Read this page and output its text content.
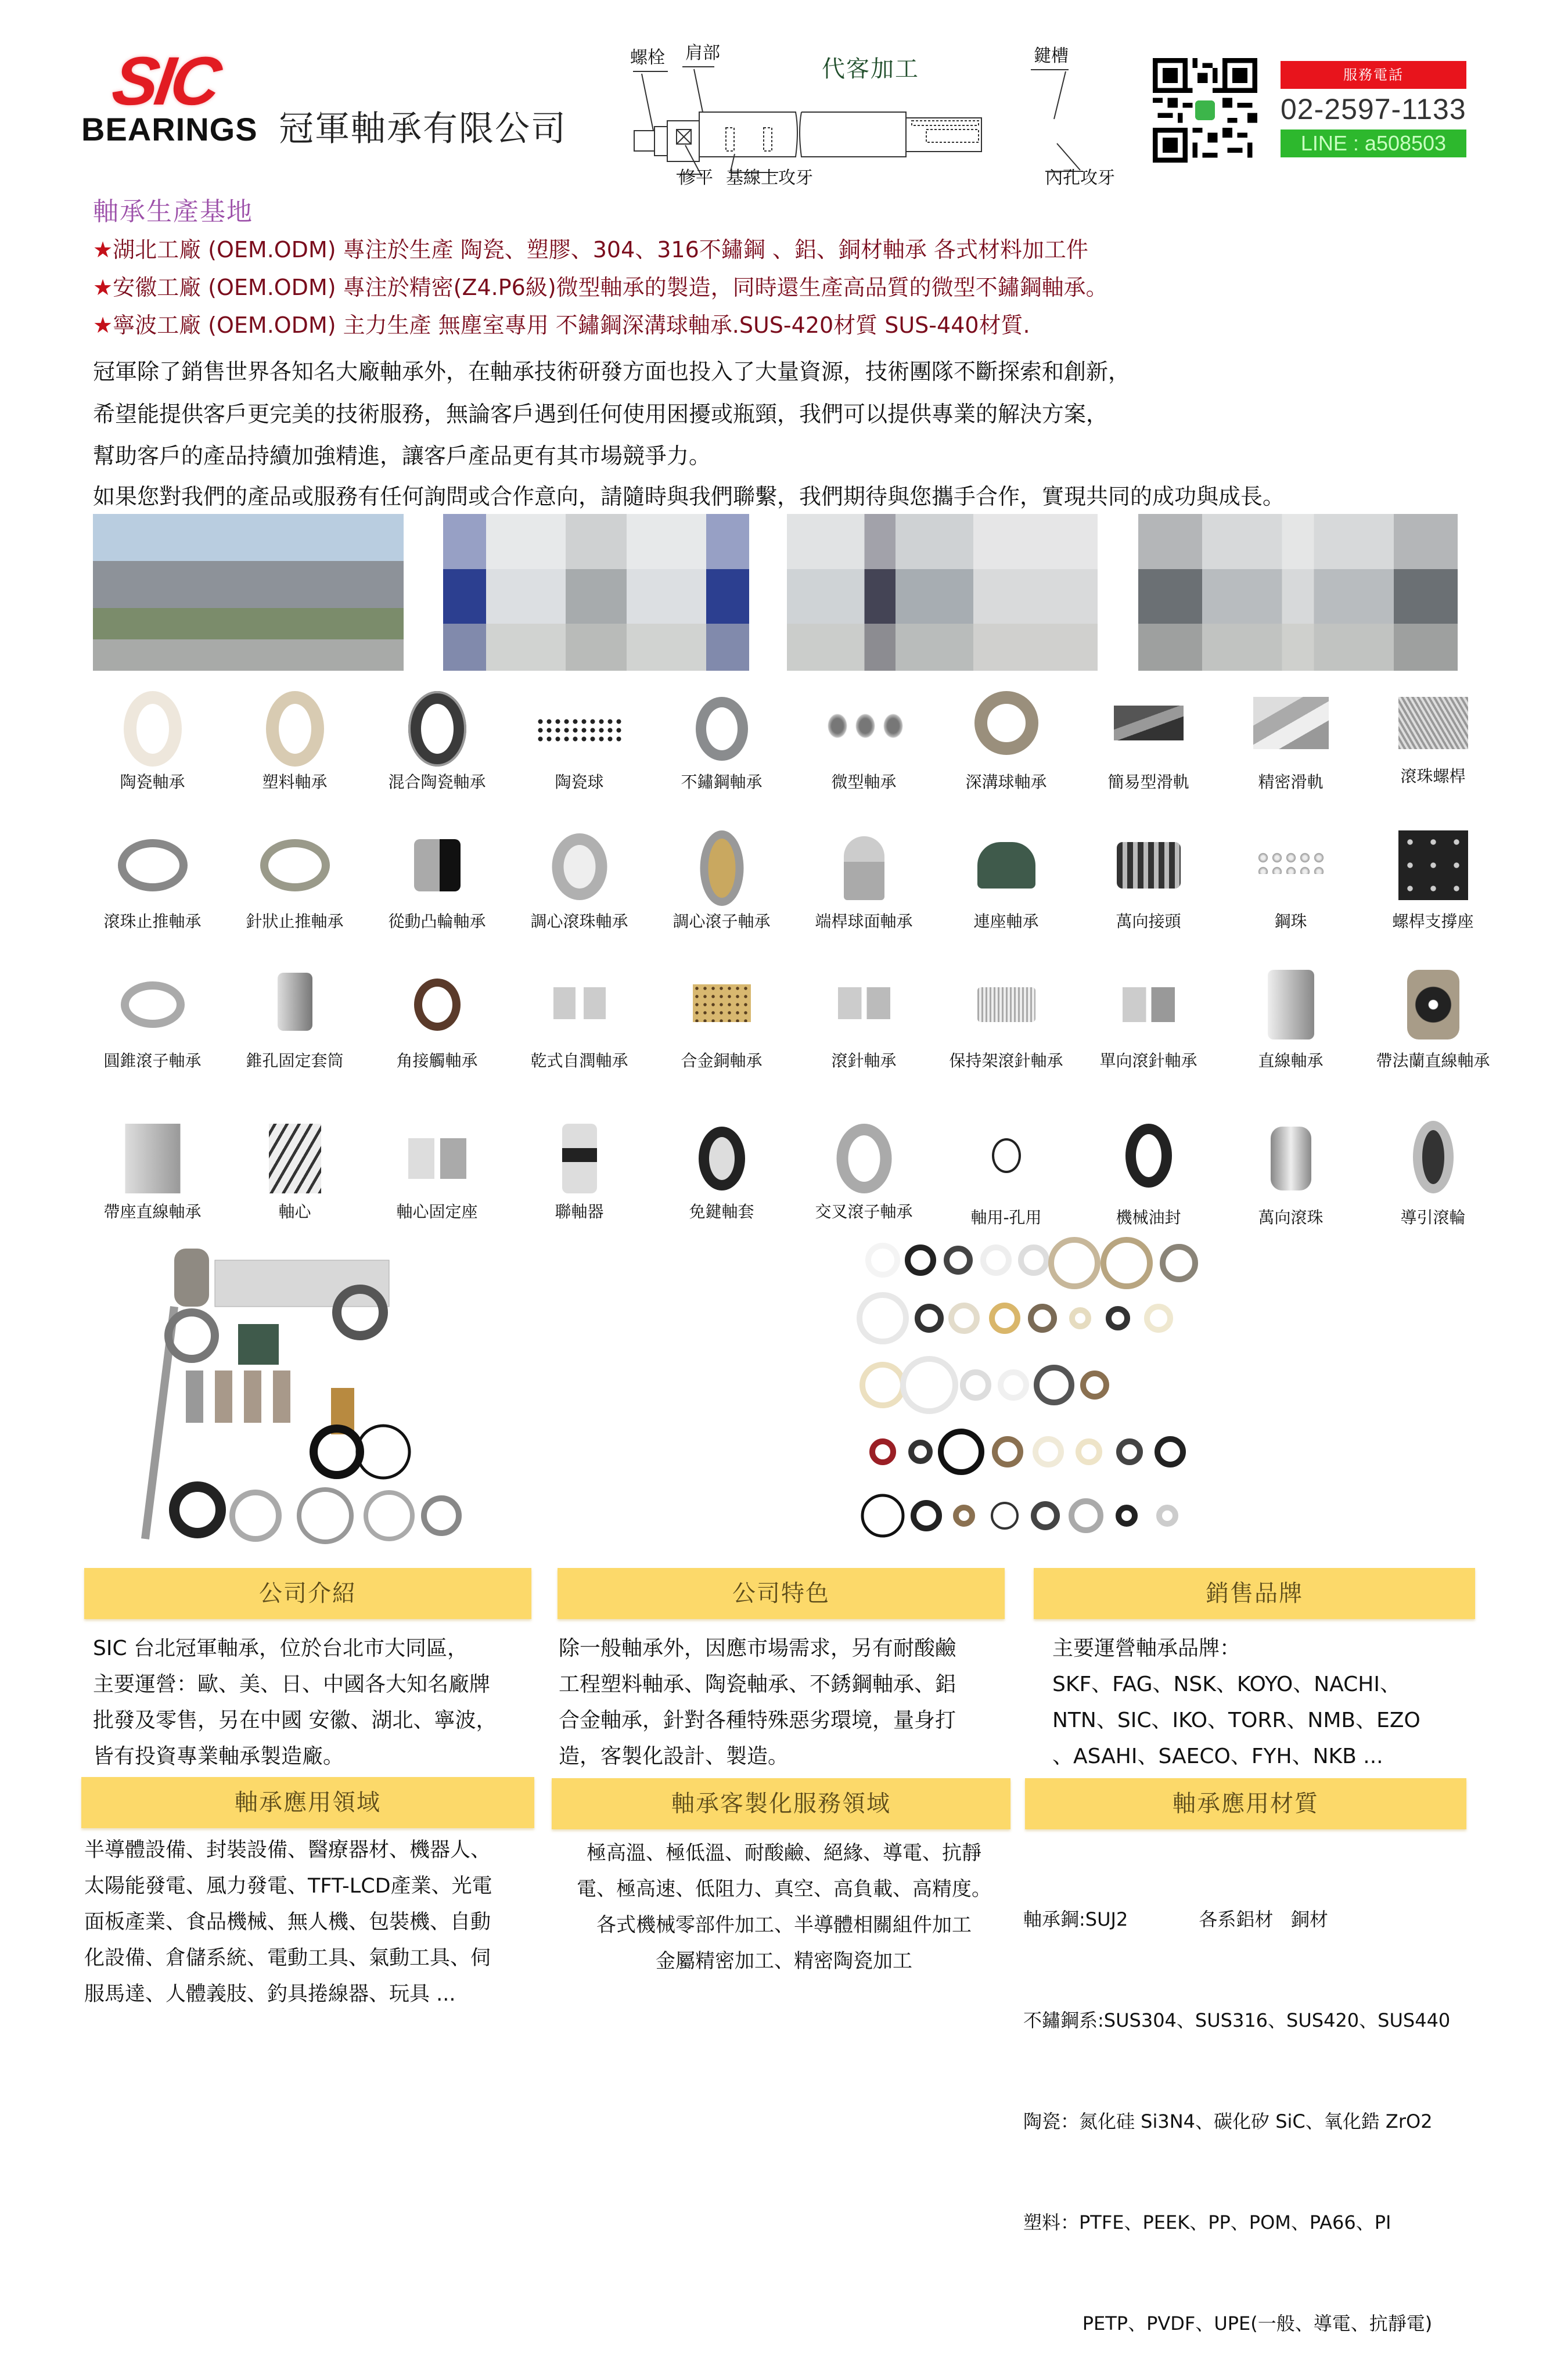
SIC
BEARINGS 冠軍軸承有限公司
代客加工
螺栓 肩部	鍵槽
修平 基線上攻牙	內孔攻牙
服務電話
02-2597-1133
LINE : a508503
軸承生產基地
★湖北工廠 (OEM.ODM) 專注於生產 陶瓷、塑膠、304、316不鏽鋼 、鋁、銅材軸承 各式材料加工件
★安徽工廠 (OEM.ODM) 專注於精密(Z4.P6級)微型軸承的製造，同時還生產高品質的微型不鏽鋼軸承。
★寧波工廠 (OEM.ODM) 主力生產 無塵室專用 不鏽鋼深溝球軸承.SUS-420材質 SUS-440材質.
冠軍除了銷售世界各知名大廠軸承外，在軸承技術研發方面也投入了大量資源，技術團隊不斷探索和創新，
希望能提供客戶更完美的技術服務，無論客戶遇到任何使用困擾或瓶頸，我們可以提供專業的解決方案，
幫助客戶的產品持續加強精進，讓客戶產品更有其市場競爭力。
如果您對我們的產品或服務有任何詢問或合作意向，請隨時與我們聯繫，我們期待與您攜手合作，實現共同的成功與成長。
陶瓷軸承	塑料軸承	混合陶瓷軸承	陶瓷球	不鏽鋼軸承	微型軸承	深溝球軸承	簡易型滑軌	精密滑軌	滾珠螺桿
滾珠止推軸承	針狀止推軸承	從動凸輪軸承	調心滾珠軸承	調心滾子軸承	端桿球面軸承	連座軸承	萬向接頭	鋼珠	螺桿支撐座
圓錐滾子軸承	錐孔固定套筒	角接觸軸承	乾式自潤軸承	合金銅軸承	滾針軸承	保持架滾針軸承	單向滾針軸承	直線軸承	帶法蘭直線軸承
帶座直線軸承	軸心	軸心固定座	聯軸器	免鍵軸套	交叉滾子軸承	軸用-孔用	機械油封	萬向滾珠	導引滾輪
公司介紹	公司特色	銷售品牌
SIC 台北冠軍軸承，位於台北市大同區，
主要運營：歐、美、日、中國各大知名廠牌
批發及零售，另在中國 安徽、湖北、寧波，
皆有投資專業軸承製造廠。
除一般軸承外，因應市場需求，另有耐酸鹼
工程塑料軸承、陶瓷軸承、不銹鋼軸承、鋁
合金軸承，針對各種特殊惡劣環境，量身打
造，客製化設計、製造。
主要運營軸承品牌：
SKF、FAG、NSK、KOYO、NACHI、
NTN、SIC、IKO、TORR、NMB、EZO
、ASAHI、SAECO、FYH、NKB ...
軸承應用領域	軸承客製化服務領域	軸承應用材質
半導體設備、封裝設備、醫療器材、機器人、
太陽能發電、風力發電、TFT-LCD產業、光電
面板產業、食品機械、無人機、包裝機、自動
化設備、倉儲系統、電動工具、氣動工具、伺
服馬達、人體義肢、釣具捲線器、玩具 ...
極高溫、極低溫、耐酸鹼、絕緣、導電、抗靜
電、極高速、低阻力、真空、高負載、高精度。
各式機械零部件加工、半導體相關組件加工
金屬精密加工、精密陶瓷加工

軸承鋼:SUJ2            各系鋁材   銅材

不鏽鋼系:SUS304、SUS316、SUS420、SUS440

陶瓷：氮化硅 Si3N4、碳化矽 SiC、氧化鋯 ZrO2

塑料：PTFE、PEEK、PP、POM、PA66、PI

PETP、PVDF、UPE(一般、導電、抗靜電)
